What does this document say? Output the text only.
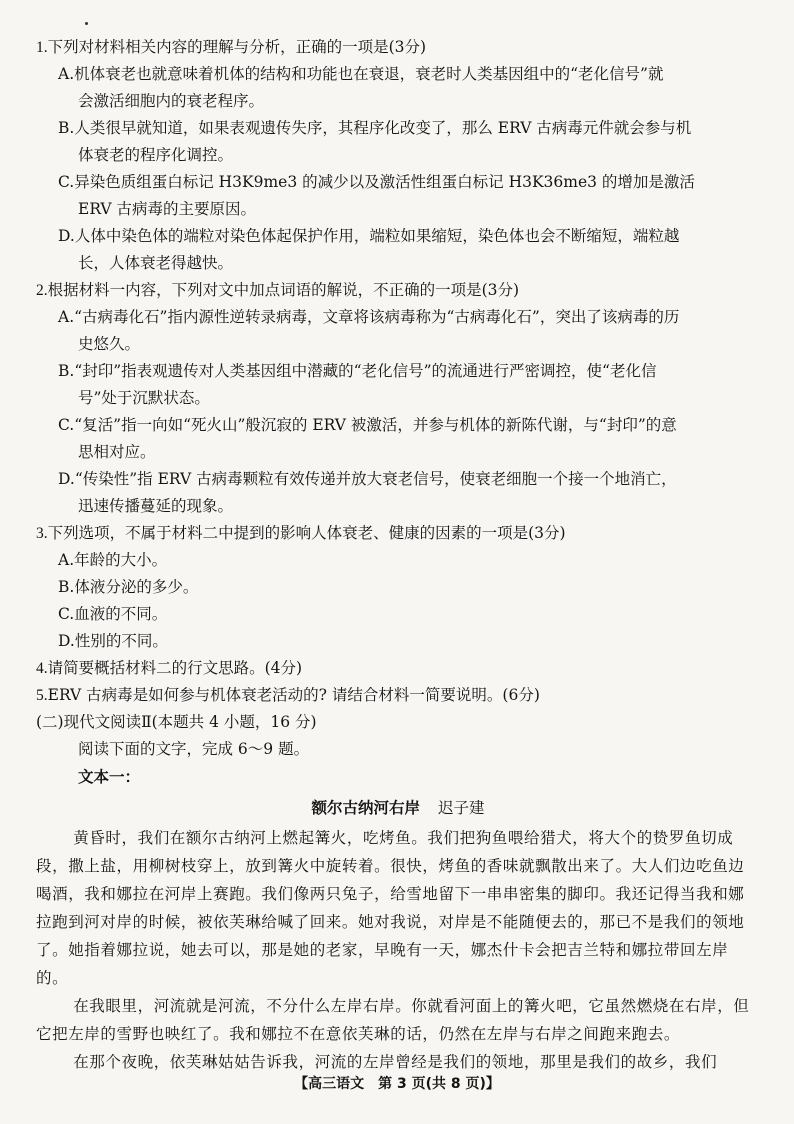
1.下列对材料相关内容的理解与分析，正确的一项是(3分)

A.机体衰老也就意味着机体的结构和功能也在衰退，衰老时人类基因组中的“老化信号”就
会激活细胞内的衰老程序。

B.人类很早就知道，如果表观遗传失序，其程序化改变了，那么 ERV 古病毒元件就会参与机
体衰老的程序化调控。

C.异染色质组蛋白标记 H3K9me3 的减少以及激活性组蛋白标记 H3K36me3 的增加是激活
ERV 古病毒的主要原因。

D.人体中染色体的端粒对染色体起保护作用，端粒如果缩短，染色体也会不断缩短，端粒越
长，人体衰老得越快。

2.根据材料一内容，下列对文中加点词语的解说，不正确的一项是(3分)

A.“古病毒化石”指内源性逆转录病毒，文章将该病毒称为“古病毒化石”，突出了该病毒的历
史悠久。

B.“封印”指表观遗传对人类基因组中潜藏的“老化信号”的流通进行严密调控，使“老化信
号”处于沉默状态。

C.“复活”指一向如“死火山”般沉寂的 ERV 被激活，并参与机体的新陈代谢，与“封印”的意
思相对应。

D.“传染性”指 ERV 古病毒颗粒有效传递并放大衰老信号，使衰老细胞一个接一个地消亡，
迅速传播蔓延的现象。

3.下列选项，不属于材料二中提到的影响人体衰老、健康的因素的一项是(3分)

A.年龄的大小。

B.体液分泌的多少。

C.血液的不同。

D.性别的不同。

4.请简要概括材料二的行文思路。(4分)

5.ERV 古病毒是如何参与机体衰老活动的? 请结合材料一简要说明。(6分)

(二)现代文阅读Ⅱ(本题共 4 小题，16 分)

阅读下面的文字，完成 6～9 题。

文本一：

额尔古纳河右岸 迟子建

黄昏时，我们在额尔古纳河上燃起篝火，吃烤鱼。我们把狗鱼喂给猎犬，将大个的贽罗鱼切成段，撒上盐，用柳树枝穿上，放到篝火中旋转着。很快，烤鱼的香味就飘散出来了。大人们边吃鱼边喝酒，我和娜拉在河岸上赛跑。我们像两只兔子，给雪地留下一串串密集的脚印。我还记得当我和娜拉跑到河对岸的时候，被依芙琳给喊了回来。她对我说，对岸是不能随便去的，那已不是我们的领地了。她指着娜拉说，她去可以，那是她的老家，早晚有一天，娜杰什卡会把吉兰特和娜拉带回左岸的。

在我眼里，河流就是河流，不分什么左岸右岸。你就看河面上的篝火吧，它虽然燃烧在右岸，但它把左岸的雪野也映红了。我和娜拉不在意依芙琳的话，仍然在左岸与右岸之间跑来跑去。

在那个夜晚，依芙琳姑姑告诉我，河流的左岸曾经是我们的领地，那里是我们的故乡，我们

【高三语文　第 3 页(共 8 页)】
